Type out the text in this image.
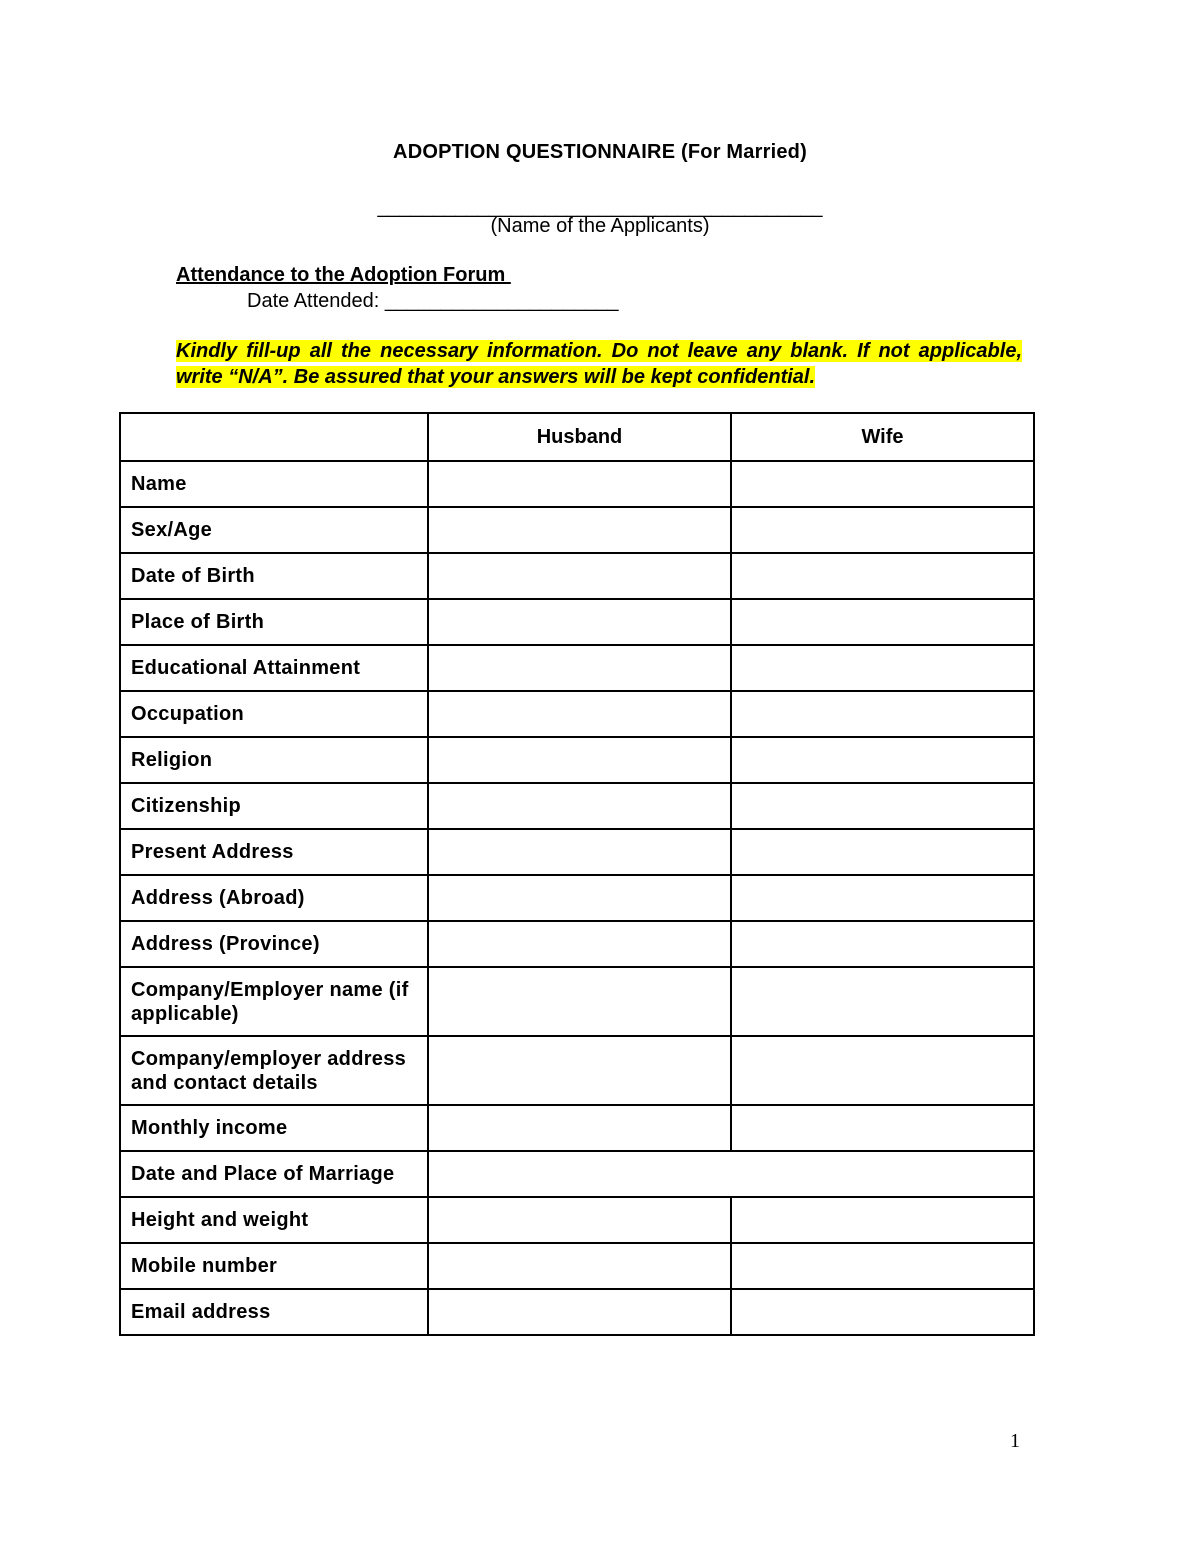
ADOPTION QUESTIONNAIRE (For Married)
________________________________________
(Name of the Applicants)
Attendance to the Adoption Forum
Date Attended: _____________________
Kindly fill-up all the necessary information. Do not leave any blank. If not applicable, write “N/A”. Be assured that your answers will be kept confidential.
	Husband	Wife
Name		
Sex/Age		
Date of Birth		
Place of Birth		
Educational Attainment		
Occupation		
Religion		
Citizenship		
Present Address		
Address (Abroad)		
Address (Province)		
Company/Employer name (if applicable)		
Company/employer address and contact details		
Monthly income		
Date and Place of Marriage		
Height and weight		
Mobile number		
Email address		
1
